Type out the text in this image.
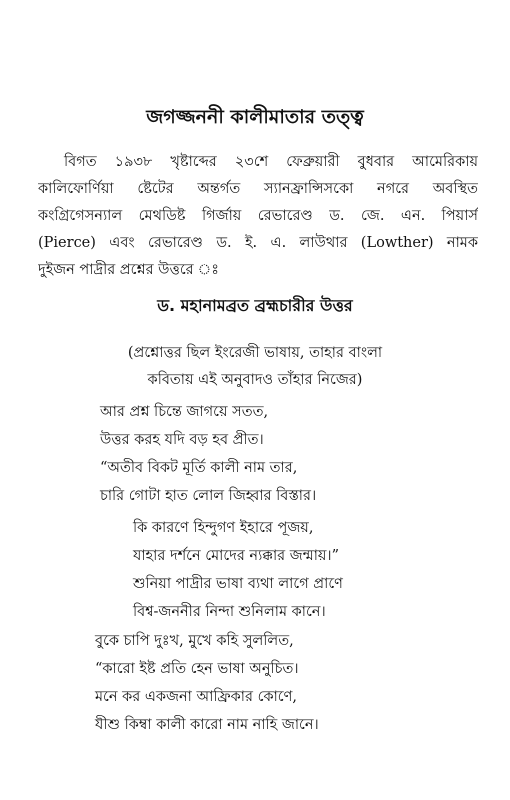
জগজ্জননী কালীমাতার তত্ত্ব
বিগত ১৯৩৮ খৃষ্টাব্দের ২৩শে ফেব্রুয়ারী বুধবার আমেরিকায়
কালিফোর্ণিয়া ষ্টেটের অন্তর্গত স্যানফ্রান্সিসকো নগরে অবস্থিত
কংগ্রিগেসন্যাল মেথডিষ্ট গির্জায় রেভারেণ্ড ড. জে. এন. পিয়ার্স
(Pierce) এবং রেভারেণ্ড ড. ই. এ. লাউথার (Lowther) নামক
দুইজন পাদ্রীর প্রশ্নের উত্তরে ঃ
ড. মহানামব্রত ব্রহ্মচারীর উত্তর
(প্রশ্নোত্তর ছিল ইংরেজী ভাষায়, তাহার বাংলা
কবিতায় এই অনুবাদও তাঁহার নিজের)
আর প্রশ্ন চিন্তে জাগয়ে সতত,
উত্তর করহ যদি বড় হব প্রীত।
“অতীব বিকট মূর্তি কালী নাম তার,
চারি গোটা হাত লোল জিহ্বার বিস্তার।
কি কারণে হিন্দুগণ ইহারে পূজয়,
যাহার দর্শনে মোদের ন্যক্কার জন্মায়।”
শুনিয়া পাদ্রীর ভাষা ব্যথা লাগে প্রাণে
বিশ্ব-জননীর নিন্দা শুনিলাম কানে।
বুকে চাপি দুঃখ, মুখে কহি সুললিত,
“কারো ইষ্ট প্রতি হেন ভাষা অনুচিত।
মনে কর একজনা আফ্রিকার কোণে,
যীশু কিম্বা কালী কারো নাম নাহি জানে।
